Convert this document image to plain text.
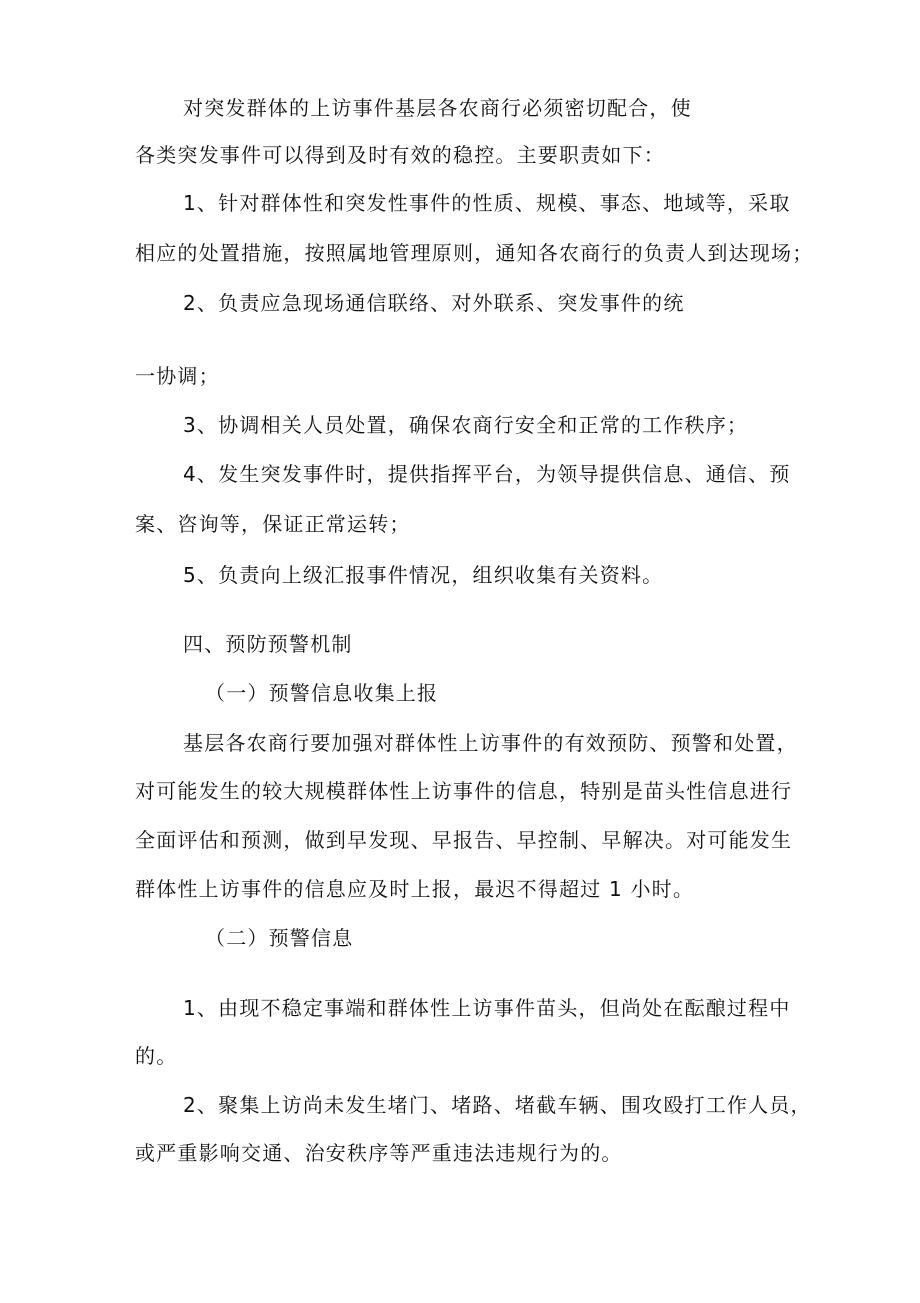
对突发群体的上访事件基层各农商行必须密切配合，使
各类突发事件可以得到及时有效的稳控。主要职责如下：
1、针对群体性和突发性事件的性质、规模、事态、地域等，采取
相应的处置措施，按照属地管理原则，通知各农商行的负责人到达现场；
2、负责应急现场通信联络、对外联系、突发事件的统
一协调；
3、协调相关人员处置，确保农商行安全和正常的工作秩序；
4、发生突发事件时，提供指挥平台，为领导提供信息、通信、预
案、咨询等，保证正常运转；
5、负责向上级汇报事件情况，组织收集有关资料。
四、预防预警机制
（一）预警信息收集上报
基层各农商行要加强对群体性上访事件的有效预防、预警和处置，
对可能发生的较大规模群体性上访事件的信息，特别是苗头性信息进行
全面评估和预测，做到早发现、早报告、早控制、早解决。对可能发生
群体性上访事件的信息应及时上报，最迟不得超过 1 小时。
（二）预警信息
1、由现不稳定事端和群体性上访事件苗头，但尚处在酝酿过程中
的。
2、聚集上访尚未发生堵门、堵路、堵截车辆、围攻殴打工作人员，
或严重影响交通、治安秩序等严重违法违规行为的。
